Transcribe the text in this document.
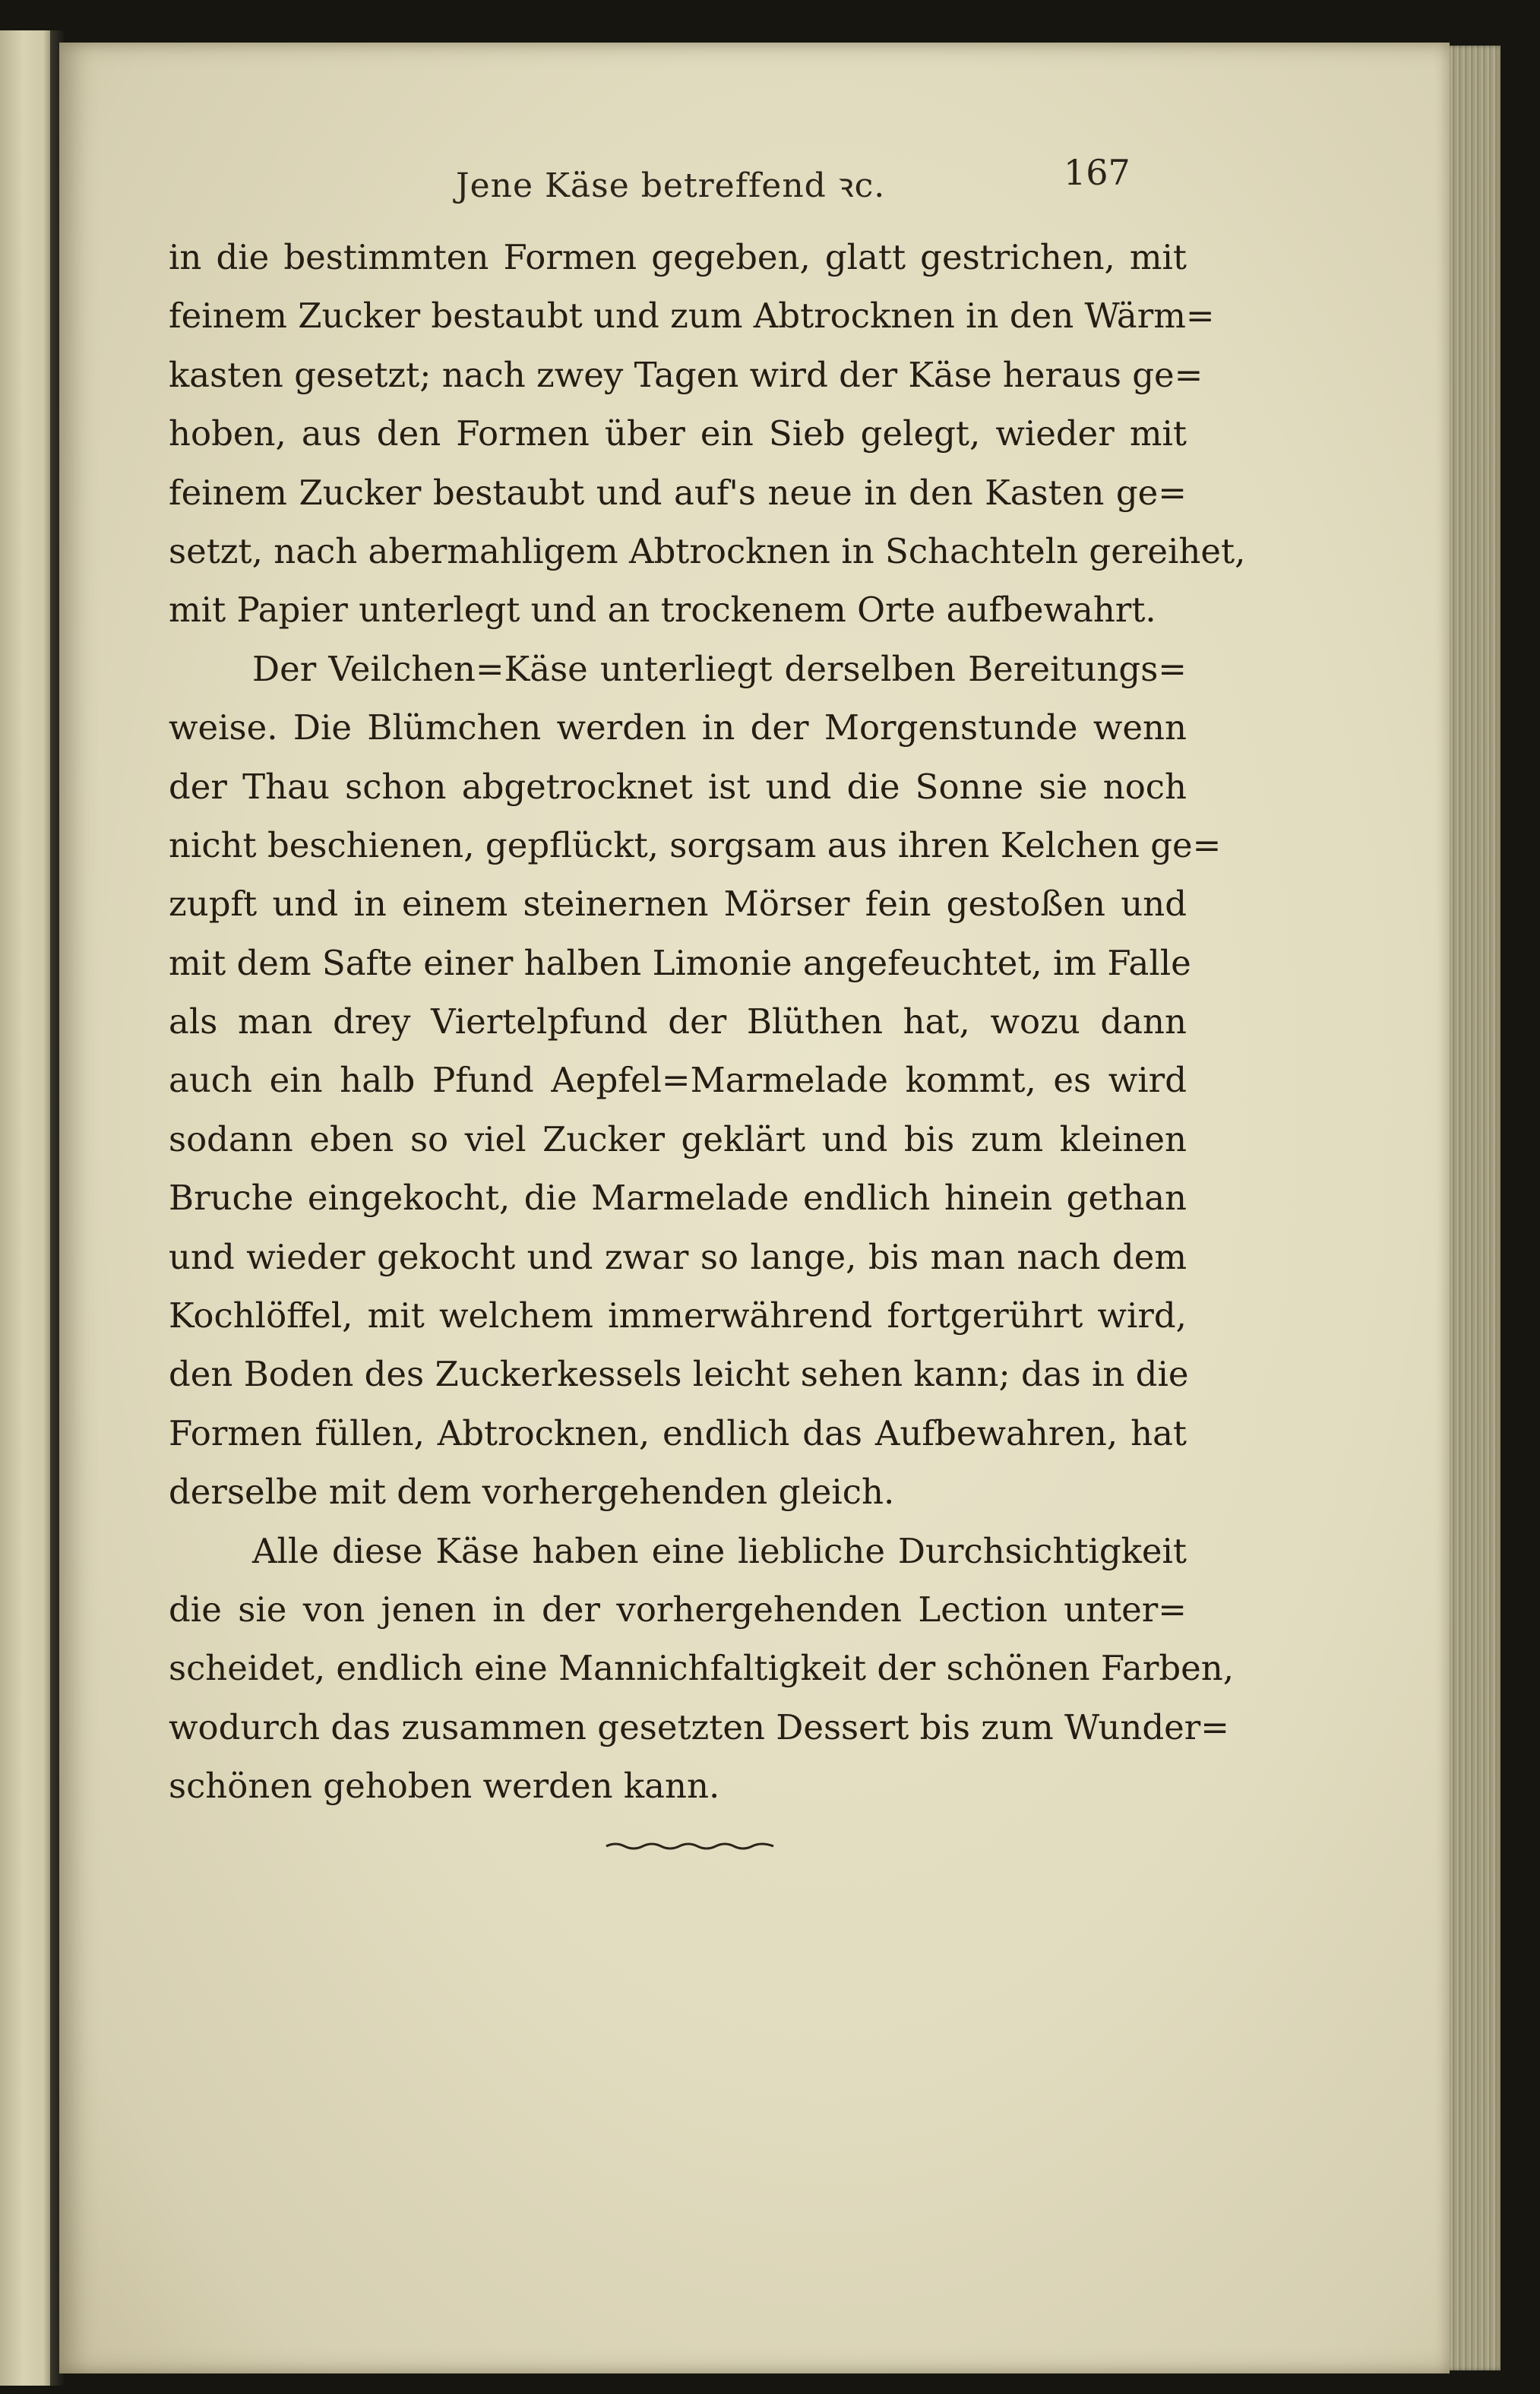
Jene Käse betreffend ꝛc.	167
in die bestimmten Formen gegeben, glatt gestrichen, mit
feinem Zucker bestaubt und zum Abtrocknen in den Wärm=
kasten gesetzt; nach zwey Tagen wird der Käse heraus ge=
hoben, aus den Formen über ein Sieb gelegt, wieder mit
feinem Zucker bestaubt und auf's neue in den Kasten ge=
setzt, nach abermahligem Abtrocknen in Schachteln gereihet,
mit Papier unterlegt und an trockenem Orte aufbewahrt.
Der Veilchen=Käse unterliegt derselben Bereitungs=
weise. Die Blümchen werden in der Morgenstunde wenn
der Thau schon abgetrocknet ist und die Sonne sie noch
nicht beschienen, gepflückt, sorgsam aus ihren Kelchen ge=
zupft und in einem steinernen Mörser fein gestoßen und
mit dem Safte einer halben Limonie angefeuchtet, im Falle
als man drey Viertelpfund der Blüthen hat, wozu dann
auch ein halb Pfund Aepfel=Marmelade kommt, es wird
sodann eben so viel Zucker geklärt und bis zum kleinen
Bruche eingekocht, die Marmelade endlich hinein gethan
und wieder gekocht und zwar so lange, bis man nach dem
Kochlöffel, mit welchem immerwährend fortgerührt wird,
den Boden des Zuckerkessels leicht sehen kann; das in die
Formen füllen, Abtrocknen, endlich das Aufbewahren, hat
derselbe mit dem vorhergehenden gleich.
Alle diese Käse haben eine liebliche Durchsichtigkeit
die sie von jenen in der vorhergehenden Lection unter=
scheidet, endlich eine Mannichfaltigkeit der schönen Farben,
wodurch das zusammen gesetzten Dessert bis zum Wunder=
schönen gehoben werden kann.
